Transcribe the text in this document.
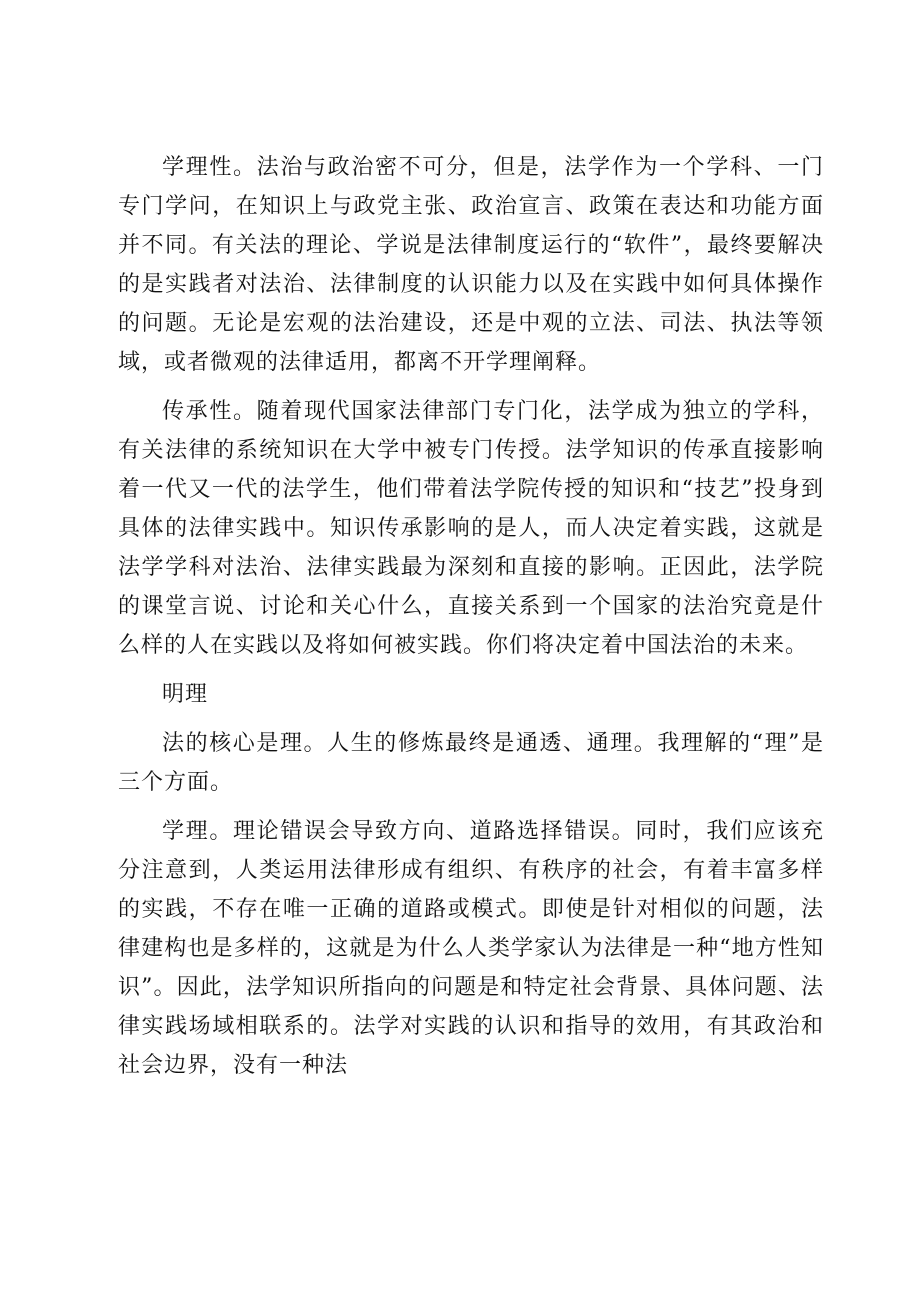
学理性。法治与政治密不可分，但是，法学作为一个学科、一门专门学问，在知识上与政党主张、政治宣言、政策在表达和功能方面并不同。有关法的理论、学说是法律制度运行的“软件”，最终要解决的是实践者对法治、法律制度的认识能力以及在实践中如何具体操作的问题。无论是宏观的法治建设，还是中观的立法、司法、执法等领域，或者微观的法律适用，都离不开学理阐释。

传承性。随着现代国家法律部门专门化，法学成为独立的学科，有关法律的系统知识在大学中被专门传授。法学知识的传承直接影响着一代又一代的法学生，他们带着法学院传授的知识和“技艺”投身到具体的法律实践中。知识传承影响的是人，而人决定着实践，这就是法学学科对法治、法律实践最为深刻和直接的影响。正因此，法学院的课堂言说、讨论和关心什么，直接关系到一个国家的法治究竟是什么样的人在实践以及将如何被实践。你们将决定着中国法治的未来。

明理

法的核心是理。人生的修炼最终是通透、通理。我理解的“理”是三个方面。

学理。理论错误会导致方向、道路选择错误。同时，我们应该充分注意到，人类运用法律形成有组织、有秩序的社会，有着丰富多样的实践，不存在唯一正确的道路或模式。即使是针对相似的问题，法律建构也是多样的，这就是为什么人类学家认为法律是一种“地方性知识”。因此，法学知识所指向的问题是和特定社会背景、具体问题、法律实践场域相联系的。法学对实践的认识和指导的效用，有其政治和社会边界，没有一种法
